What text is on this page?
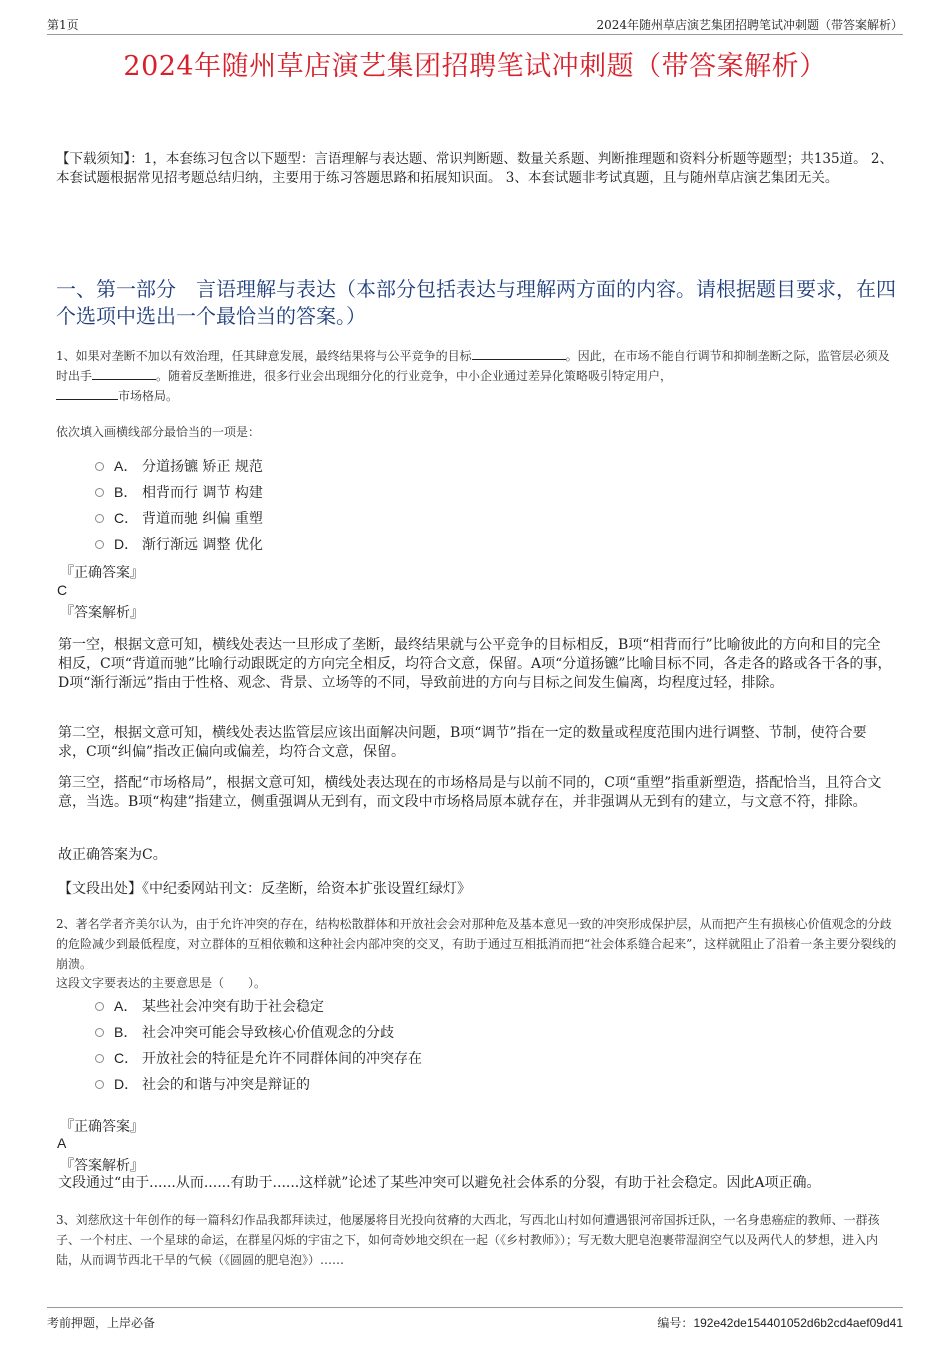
第1页	2024年随州草店演艺集团招聘笔试冲刺题（带答案解析）
2024年随州草店演艺集团招聘笔试冲刺题（带答案解析）
【下载须知】：1，本套练习包含以下题型：言语理解与表达题、常识判断题、数量关系题、判断推理题和资料分析题等题型；共135道。 2、本套试题根据常见招考题总结归纳，主要用于练习答题思路和拓展知识面。 3、本套试题非考试真题，且与随州草店演艺集团无关。
一、第一部分　言语理解与表达（本部分包括表达与理解两方面的内容。请根据题目要求，在四个选项中选出一个最恰当的答案。）
1、如果对垄断不加以有效治理，任其肆意发展，最终结果将与公平竞争的目标	。因此，在市场不能自行调节和抑制垄断之际，监管层必须及时出手	。随着反垄断推进，很多行业会出现细分化的行业竞争，中小企业通过差异化策略吸引特定用户，
市场格局。
依次填入画横线部分最恰当的一项是：
A． 分道扬镳 矫正 规范
B． 相背而行 调节 构建
C． 背道而驰 纠偏 重塑
D． 渐行渐远 调整 优化
『正确答案』
C
『答案解析』
第一空，根据文意可知，横线处表达一旦形成了垄断，最终结果就与公平竞争的目标相反，B项“相背而行”比喻彼此的方向和目的完全相反，C项“背道而驰”比喻行动跟既定的方向完全相反，均符合文意，保留。A项“分道扬镳”比喻目标不同，各走各的路或各干各的事，D项“渐行渐远”指由于性格、观念、背景、立场等的不同，导致前进的方向与目标之间发生偏离，均程度过轻，排除。
第二空，根据文意可知，横线处表达监管层应该出面解决问题，B项“调节”指在一定的数量或程度范围内进行调整、节制，使符合要求，C项“纠偏”指改正偏向或偏差，均符合文意，保留。
第三空，搭配“市场格局”，根据文意可知，横线处表达现在的市场格局是与以前不同的，C项“重塑”指重新塑造，搭配恰当，且符合文意，当选。B项“构建”指建立，侧重强调从无到有，而文段中市场格局原本就存在，并非强调从无到有的建立，与文意不符，排除。
故正确答案为C。
【文段出处】《中纪委网站刊文：反垄断，给资本扩张设置红绿灯》
2、著名学者齐美尔认为，由于允许冲突的存在，结构松散群体和开放社会会对那种危及基本意见一致的冲突形成保护层，从而把产生有损核心价值观念的分歧的危险减少到最低程度，对立群体的互相依赖和这种社会内部冲突的交叉，有助于通过互相抵消而把“社会体系缝合起来”，这样就阻止了沿着一条主要分裂线的崩溃。
这段文字要表达的主要意思是（　　）。
A． 某些社会冲突有助于社会稳定
B． 社会冲突可能会导致核心价值观念的分歧
C． 开放社会的特征是允许不同群体间的冲突存在
D． 社会的和谐与冲突是辩证的
『正确答案』
A
『答案解析』
文段通过“由于......从而......有助于......这样就”论述了某些冲突可以避免社会体系的分裂，有助于社会稳定。因此A项正确。
3、刘慈欣这十年创作的每一篇科幻作品我都拜读过，他屡屡将目光投向贫瘠的大西北，写西北山村如何遭遇银河帝国拆迁队，一名身患癌症的教师、一群孩子、一个村庄、一个星球的命运，在群星闪烁的宇宙之下，如何奇妙地交织在一起（《乡村教师》）；写无数大肥皂泡裹带湿润空气以及两代人的梦想，进入内陆，从而调节西北干旱的气候（《圆圆的肥皂泡》）……
考前押题，上岸必备	编号：192e42de154401052d6b2cd4aef09d41
